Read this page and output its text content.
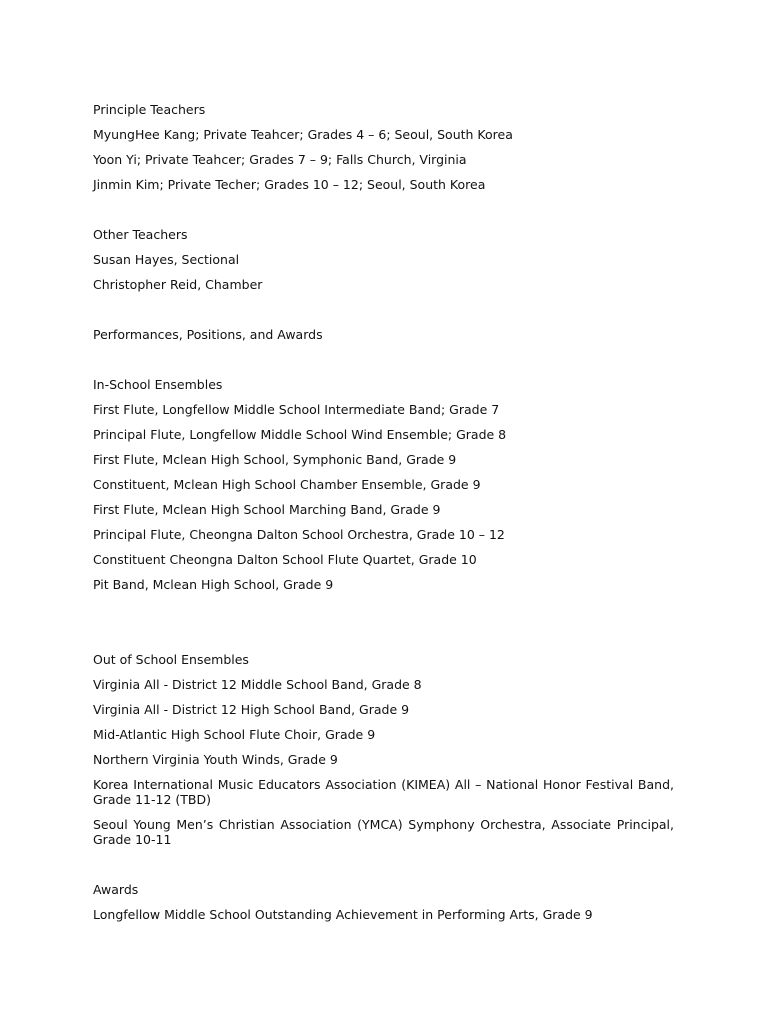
Principle Teachers
MyungHee Kang; Private Teahcer; Grades 4 – 6; Seoul, South Korea
Yoon Yi; Private Teahcer; Grades 7 – 9; Falls Church, Virginia
Jinmin Kim; Private Techer; Grades 10 – 12; Seoul, South Korea
Other Teachers
Susan Hayes, Sectional
Christopher Reid, Chamber
Performances, Positions, and Awards
In-School Ensembles
First Flute, Longfellow Middle School Intermediate Band; Grade 7
Principal Flute, Longfellow Middle School Wind Ensemble; Grade 8
First Flute, Mclean High School, Symphonic Band, Grade 9
Constituent, Mclean High School Chamber Ensemble, Grade 9
First Flute, Mclean High School Marching Band, Grade 9
Principal Flute, Cheongna Dalton School Orchestra, Grade 10 – 12
Constituent Cheongna Dalton School Flute Quartet, Grade 10
Pit Band, Mclean High School, Grade 9
Out of School Ensembles
Virginia All - District 12 Middle School Band, Grade 8
Virginia All - District 12 High School Band, Grade 9
Mid-Atlantic High School Flute Choir, Grade 9
Northern Virginia Youth Winds, Grade 9
Korea International Music Educators Association (KIMEA) All – National Honor Festival Band, Grade 11-12 (TBD)
Seoul Young Men’s Christian Association (YMCA) Symphony Orchestra, Associate Principal, Grade 10-11
Awards
Longfellow Middle School Outstanding Achievement in Performing Arts, Grade 9
